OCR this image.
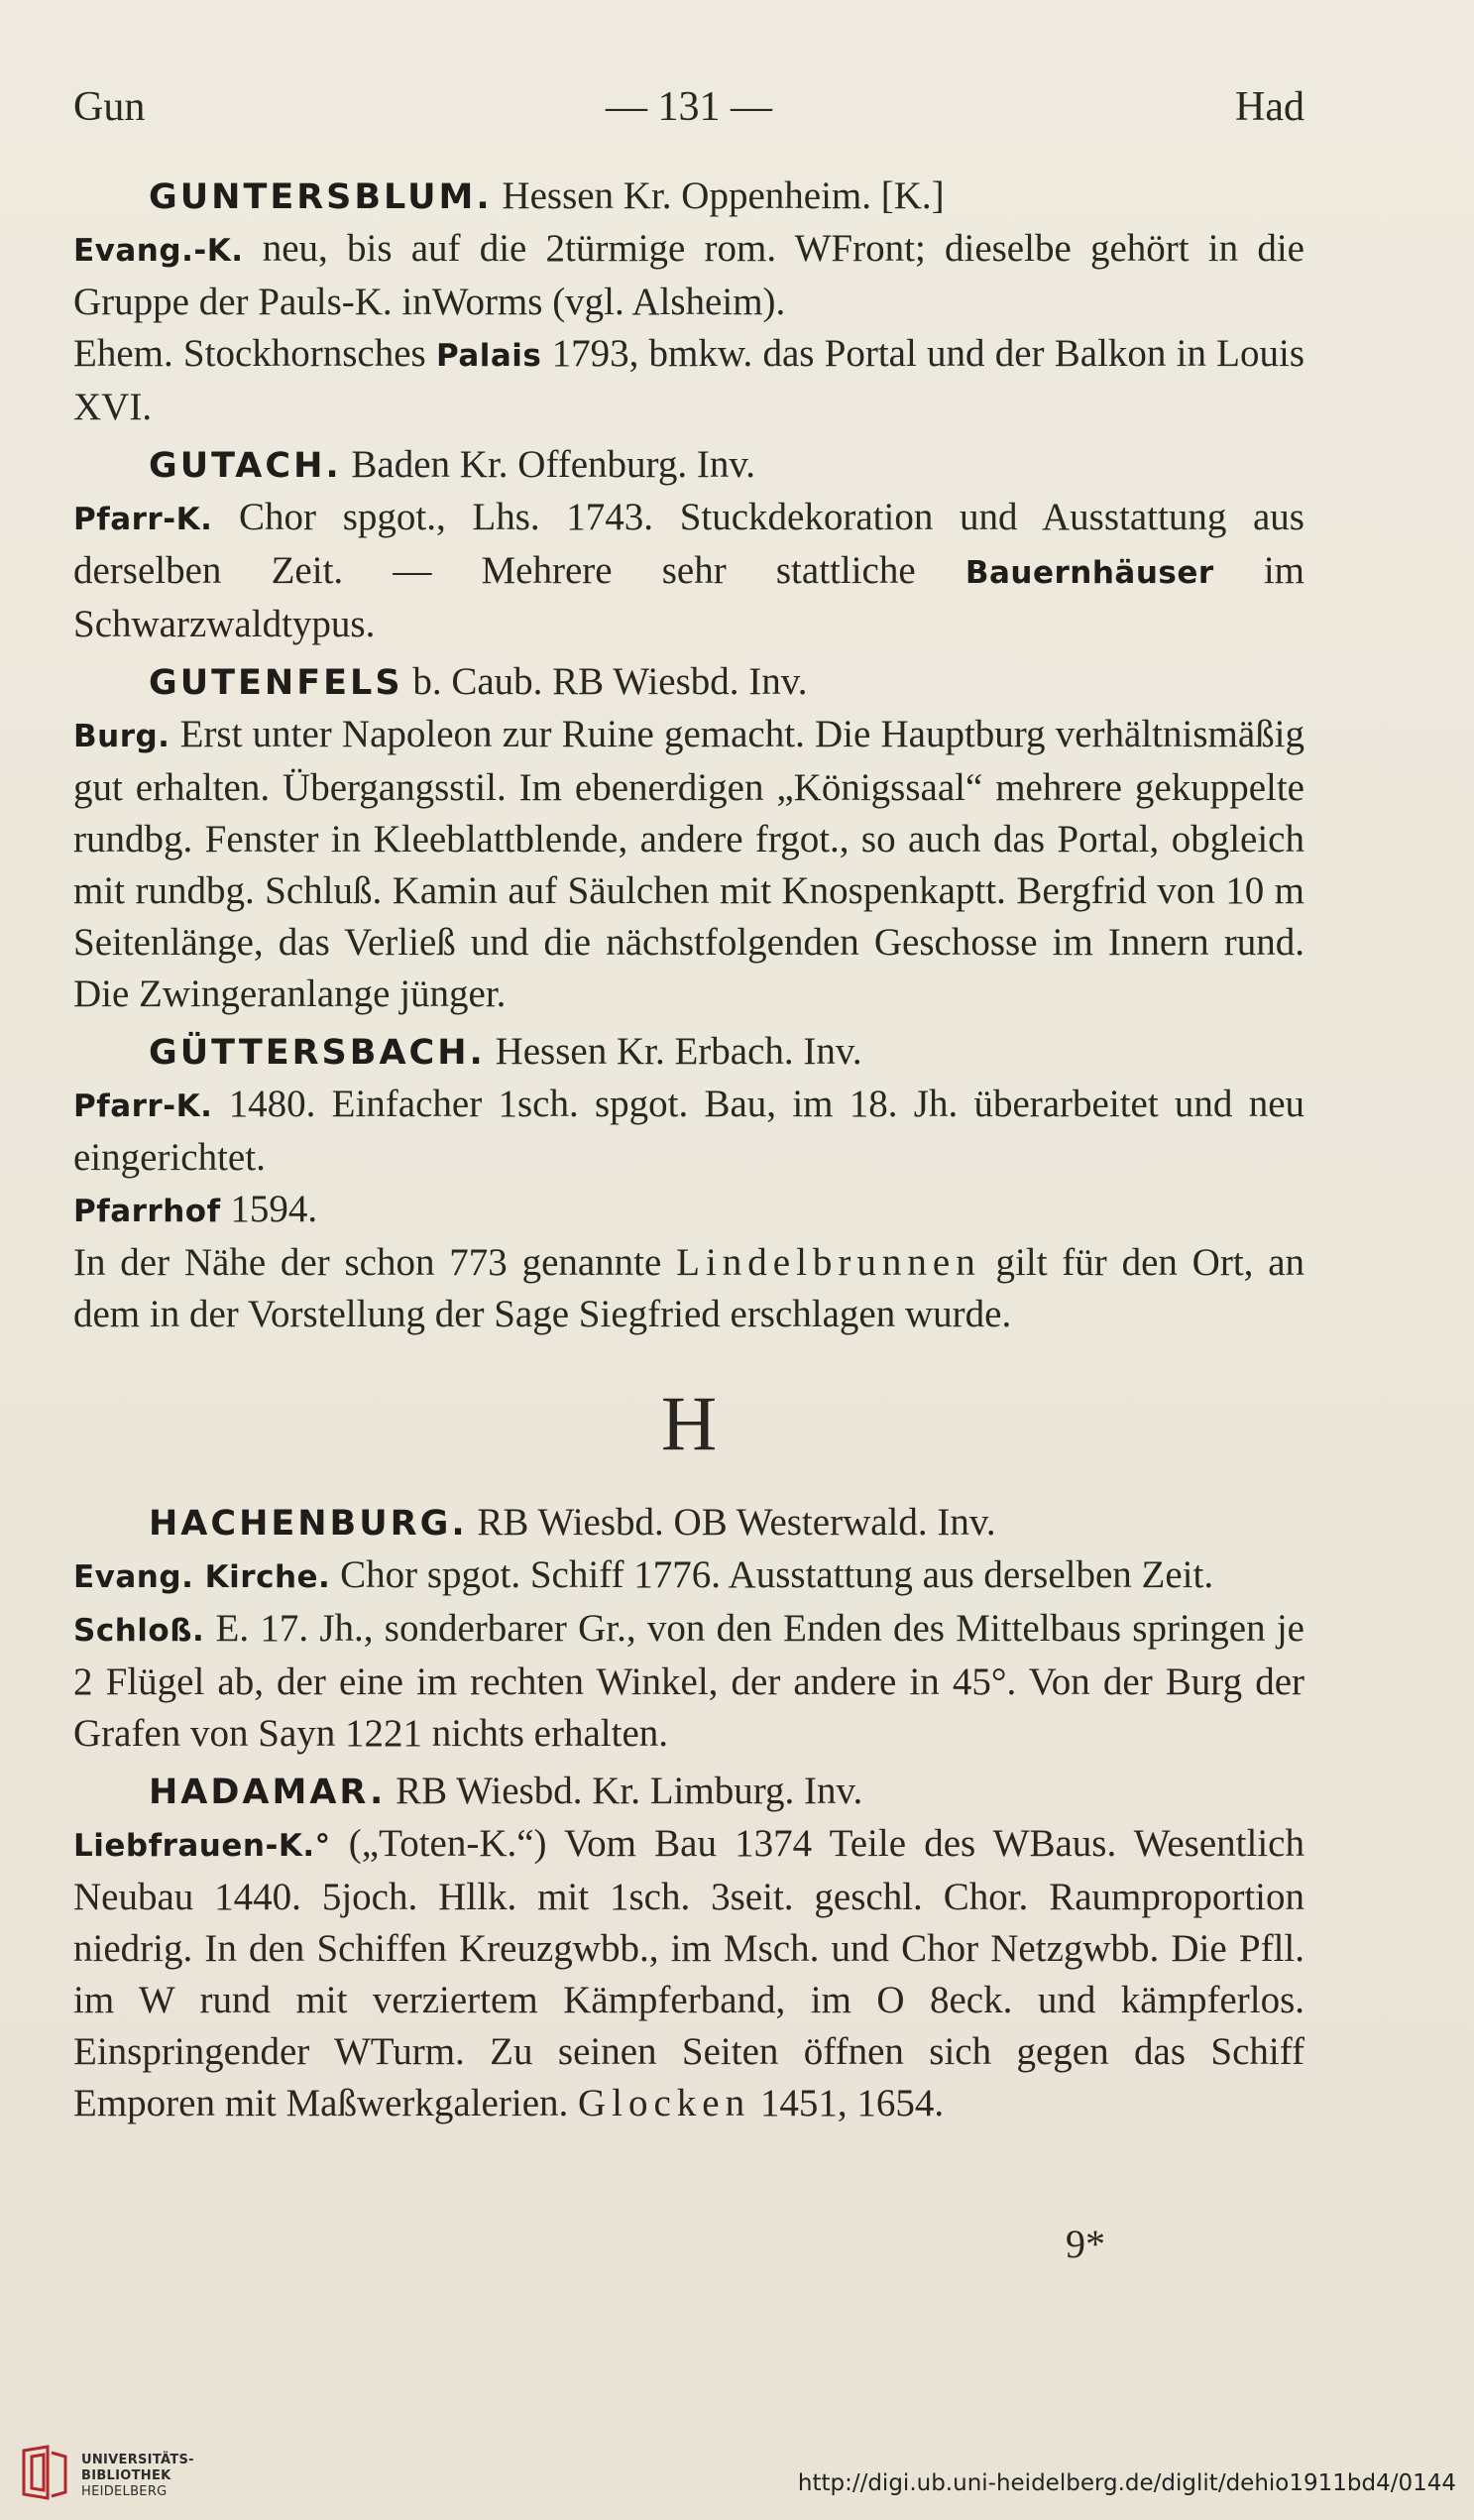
Gun	— 131 —	Had

GUNTERSBLUM. Hessen Kr. Oppenheim. [K.]

Evang.-K. neu, bis auf die 2türmige rom. WFront; dieselbe gehört in die Gruppe der Pauls-K. inWorms (vgl. Alsheim).

Ehem. Stockhornsches Palais 1793, bmkw. das Portal und der Balkon in Louis XVI.

GUTACH. Baden Kr. Offenburg. Inv.

Pfarr-K. Chor spgot., Lhs. 1743. Stuckdekoration und Ausstattung aus derselben Zeit. — Mehrere sehr stattliche Bauernhäuser im Schwarzwaldtypus.

GUTENFELS b. Caub. RB Wiesbd. Inv.

Burg. Erst unter Napoleon zur Ruine gemacht. Die Hauptburg verhältnismäßig gut erhalten. Übergangsstil. Im ebenerdigen „Königssaal“ mehrere gekuppelte rundbg. Fenster in Kleeblattblende, andere frgot., so auch das Portal, obgleich mit rundbg. Schluß. Kamin auf Säulchen mit Knospenkaptt. Bergfrid von 10 m Seitenlänge, das Verließ und die nächstfolgenden Geschosse im Innern rund. Die Zwingeranlange jünger.

GÜTTERSBACH. Hessen Kr. Erbach. Inv.

Pfarr-K. 1480. Einfacher 1sch. spgot. Bau, im 18. Jh. überarbeitet und neu eingerichtet.

Pfarrhof 1594.

In der Nähe der schon 773 genannte Lindelbrunnen gilt für den Ort, an dem in der Vorstellung der Sage Siegfried erschlagen wurde.

H

HACHENBURG. RB Wiesbd. OB Westerwald. Inv.

Evang. Kirche. Chor spgot. Schiff 1776. Ausstattung aus derselben Zeit.

Schloß. E. 17. Jh., sonderbarer Gr., von den Enden des Mittelbaus springen je 2 Flügel ab, der eine im rechten Winkel, der andere in 45°. Von der Burg der Grafen von Sayn 1221 nichts erhalten.

HADAMAR. RB Wiesbd. Kr. Limburg. Inv.

Liebfrauen-K.° („Toten-K.“) Vom Bau 1374 Teile des WBaus. Wesentlich Neubau 1440. 5joch. Hllk. mit 1sch. 3seit. geschl. Chor. Raumproportion niedrig. In den Schiffen Kreuzgwbb., im Msch. und Chor Netzgwbb. Die Pfll. im W rund mit verziertem Kämpferband, im O 8eck. und kämpferlos. Einspringender WTurm. Zu seinen Seiten öffnen sich gegen das Schiff Emporen mit Maßwerkgalerien. Glocken 1451, 1654.

9*
UNIVERSITÄTS-
BIBLIOTHEK
HEIDELBERG	http://digi.ub.uni-heidelberg.de/diglit/dehio1911bd4/0144
